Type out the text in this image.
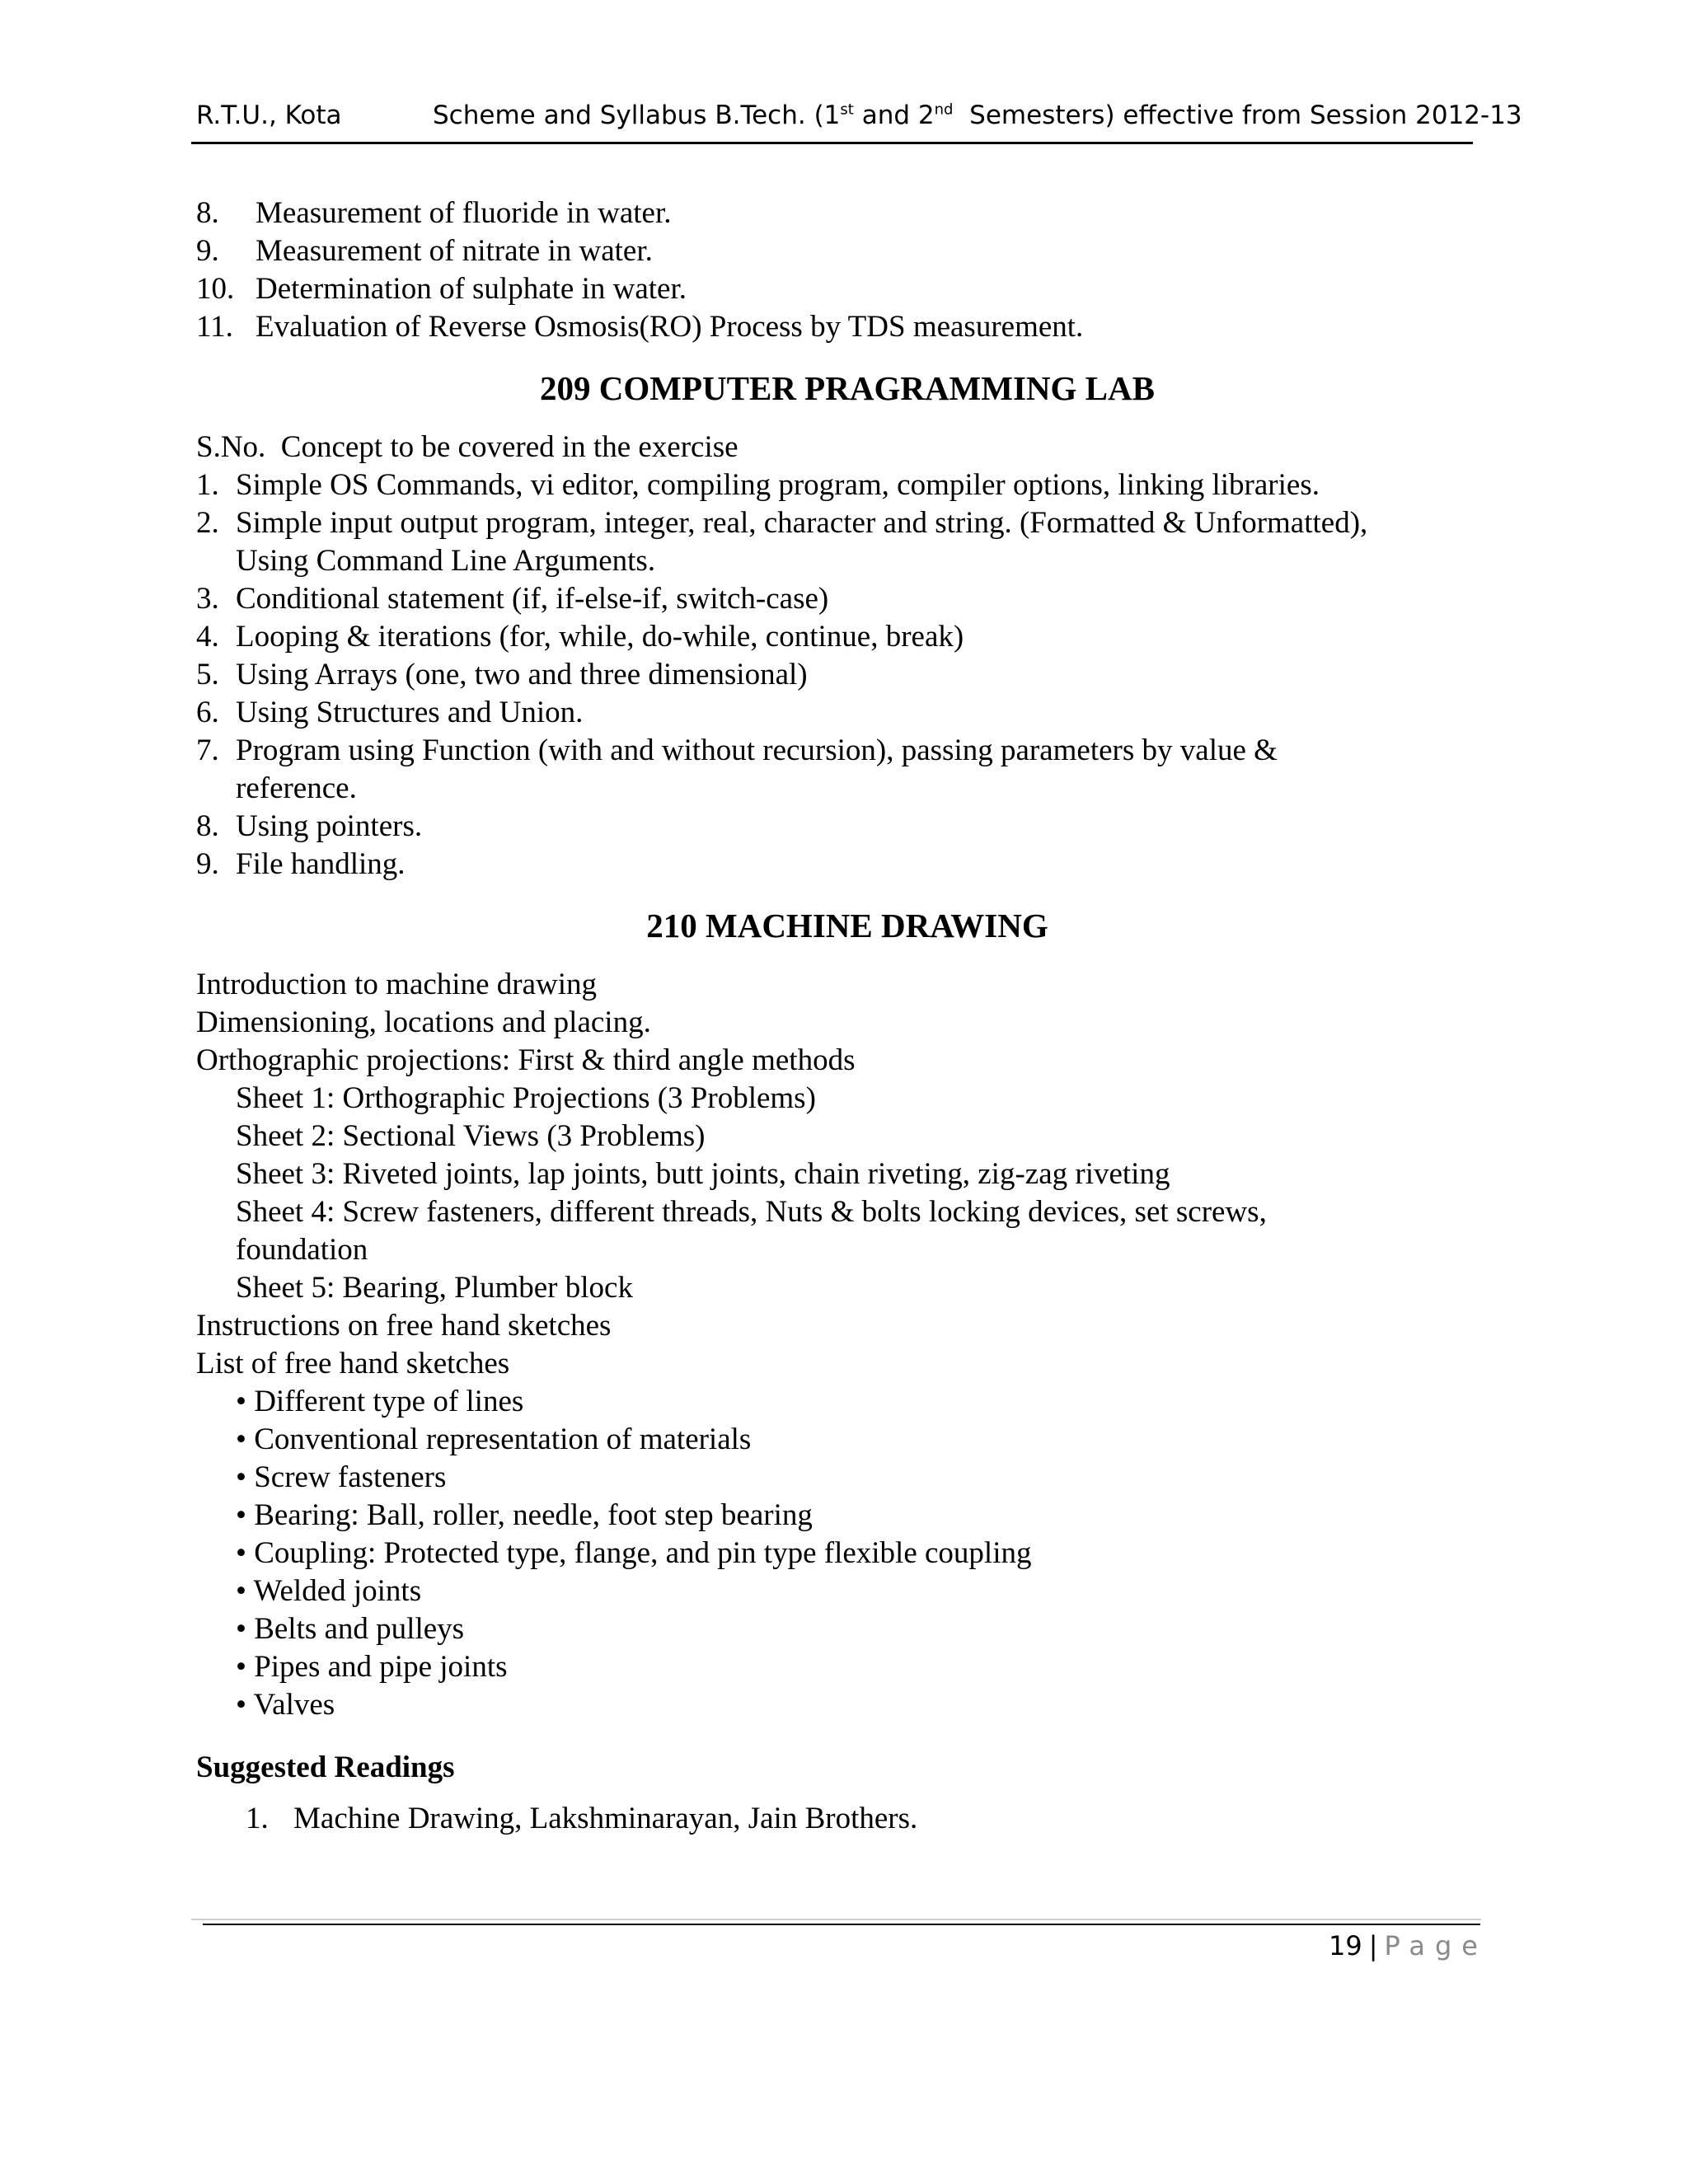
R.T.U., Kota	Scheme and Syllabus B.Tech. (1st and 2nd  Semesters) effective from Session 2012-13
8. Measurement of fluoride in water.
9. Measurement of nitrate in water.
10. Determination of sulphate in water.
11. Evaluation of Reverse Osmosis(RO) Process by TDS measurement.
209 COMPUTER PRAGRAMMING LAB
S.No.  Concept to be covered in the exercise
1. Simple OS Commands, vi editor, compiling program, compiler options, linking libraries.
2. Simple input output program, integer, real, character and string. (Formatted & Unformatted),
Using Command Line Arguments.
3. Conditional statement (if, if-else-if, switch-case)
4. Looping & iterations (for, while, do-while, continue, break)
5. Using Arrays (one, two and three dimensional)
6. Using Structures and Union.
7. Program using Function (with and without recursion), passing parameters by value &
reference.
8. Using pointers.
9. File handling.
210 MACHINE DRAWING
Introduction to machine drawing
Dimensioning, locations and placing.
Orthographic projections: First & third angle methods
Sheet 1: Orthographic Projections (3 Problems)
Sheet 2: Sectional Views (3 Problems)
Sheet 3: Riveted joints, lap joints, butt joints, chain riveting, zig-zag riveting
Sheet 4: Screw fasteners, different threads, Nuts & bolts locking devices, set screws,
foundation
Sheet 5: Bearing, Plumber block
Instructions on free hand sketches
List of free hand sketches
• Different type of lines
• Conventional representation of materials
• Screw fasteners
• Bearing: Ball, roller, needle, foot step bearing
• Coupling: Protected type, flange, and pin type flexible coupling
• Welded joints
• Belts and pulleys
• Pipes and pipe joints
• Valves
Suggested Readings
1. Machine Drawing, Lakshminarayan, Jain Brothers.
19 | Page
